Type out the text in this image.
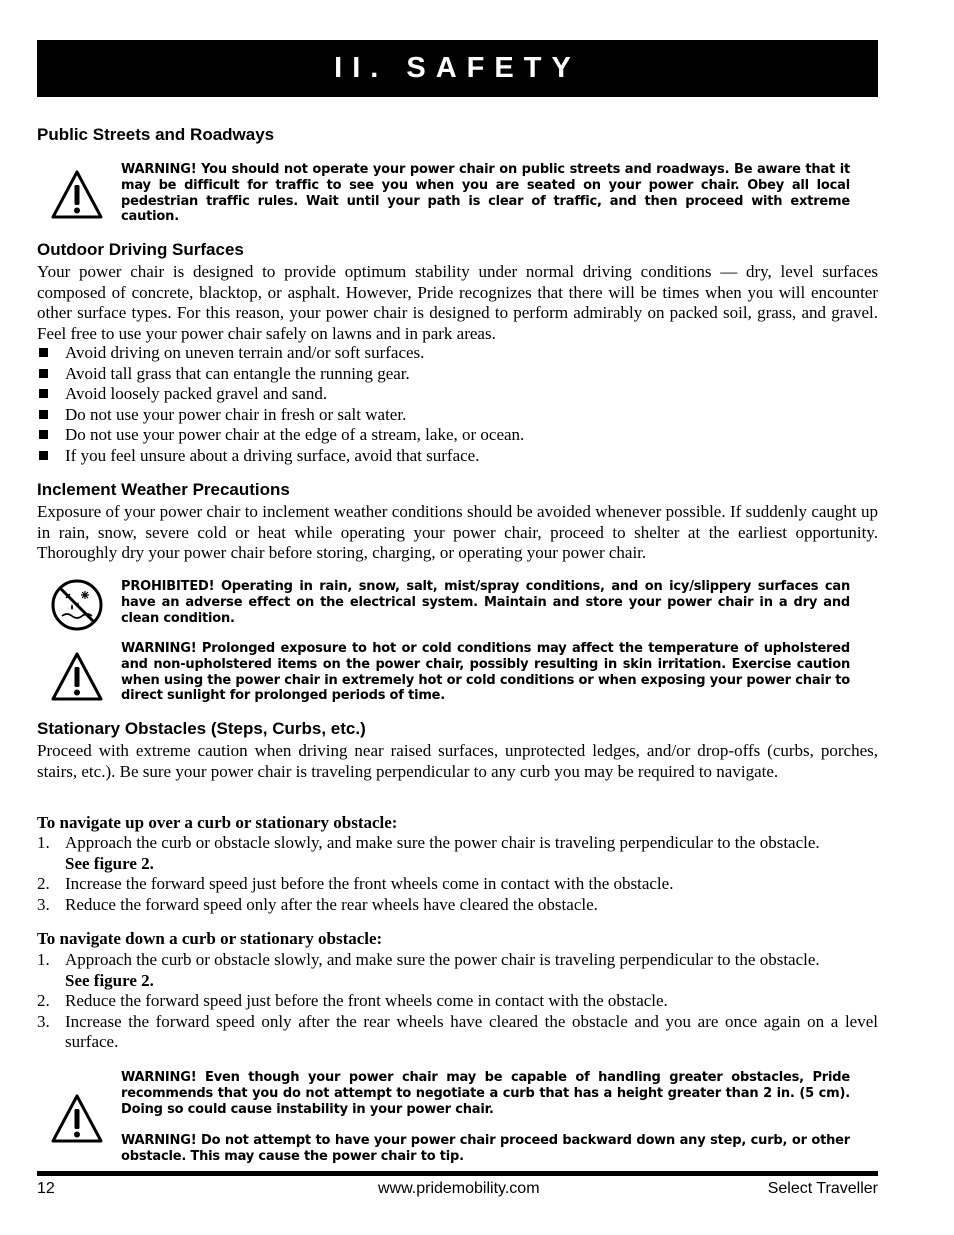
II. SAFETY
Public Streets and Roadways

WARNING! You should not operate your power chair on public streets and roadways. Be aware that it may be difficult for traffic to see you when you are seated on your power chair. Obey all local pedestrian traffic rules. Wait until your path is clear of traffic, and then proceed with extreme caution.

Outdoor Driving Surfaces

Your power chair is designed to provide optimum stability under normal driving conditions — dry, level surfaces composed of concrete, blacktop, or asphalt. However, Pride recognizes that there will be times when you will encounter other surface types. For this reason, your power chair is designed to perform admirably on packed soil, grass, and gravel. Feel free to use your power chair safely on lawns and in park areas.

Avoid driving on uneven terrain and/or soft surfaces.
Avoid tall grass that can entangle the running gear.
Avoid loosely packed gravel and sand.
Do not use your power chair in fresh or salt water.
Do not use your power chair at the edge of a stream, lake, or ocean.
If you feel unsure about a driving surface, avoid that surface.
Inclement Weather Precautions

Exposure of your power chair to inclement weather conditions should be avoided whenever possible. If suddenly caught up in rain, snow, severe cold or heat while operating your power chair, proceed to shelter at the earliest opportunity. Thoroughly dry your power chair before storing, charging, or operating your power chair.

PROHIBITED! Operating in rain, snow, salt, mist/spray conditions, and on icy/slippery surfaces can have an adverse effect on the electrical system. Maintain and store your power chair in a dry and clean condition.

WARNING! Prolonged exposure to hot or cold conditions may affect the temperature of upholstered and non-upholstered items on the power chair, possibly resulting in skin irritation. Exercise caution when using the power chair in extremely hot or cold conditions or when exposing your power chair to direct sunlight for prolonged periods of time.

Stationary Obstacles (Steps, Curbs, etc.)

Proceed with extreme caution when driving near raised surfaces, unprotected ledges, and/or drop-offs (curbs, porches, stairs, etc.). Be sure your power chair is traveling perpendicular to any curb you may be required to navigate.

To navigate up over a curb or stationary obstacle:
1. Approach the curb or obstacle slowly, and make sure the power chair is traveling perpendicular to the obstacle.
See figure 2.
2. Increase the forward speed just before the front wheels come in contact with the obstacle.
3. Reduce the forward speed only after the rear wheels have cleared the obstacle.
To navigate down a curb or stationary obstacle:
1. Approach the curb or obstacle slowly, and make sure the power chair is traveling perpendicular to the obstacle.
See figure 2.
2. Reduce the forward speed just before the front wheels come in contact with the obstacle.
3. Increase the forward speed only after the rear wheels have cleared the obstacle and you are once again on a level surface.

WARNING! Even though your power chair may be capable of handling greater obstacles, Pride recommends that you do not attempt to negotiate a curb that has a height greater than 2 in. (5 cm). Doing so could cause instability in your power chair.

WARNING! Do not attempt to have your power chair proceed backward down any step, curb, or other obstacle. This may cause the power chair to tip.

12	www.pridemobility.com	Select Traveller
